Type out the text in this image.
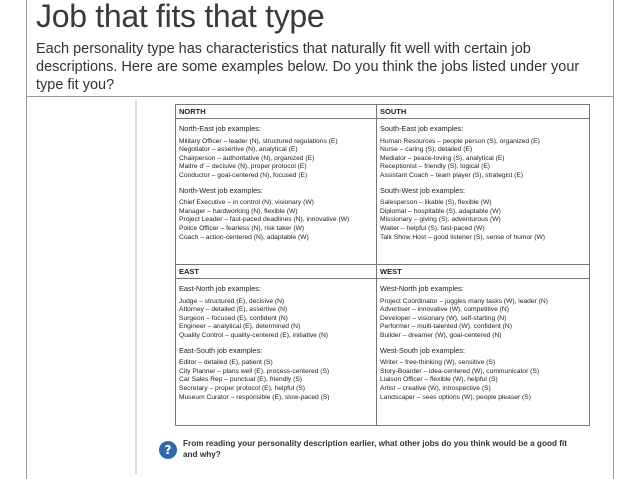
Job that fits that type
Each personality type has characteristics that naturally fit well with certain job descriptions. Here are some examples below. Do you think the jobs listed under your type fit you?
NORTH
North-East job examples:
Military Officer – leader (N), structured regulations (E)
Negotiator – assertive (N), analytical (E)
Chairperson – authoritative (N), organized (E)
Maitre d’ – decisive (N), proper protocol (E)
Conductor – goal-centered (N), focused (E)
North-West job examples:
Chief Executive – in control (N), visionary (W)
Manager – hardworking (N), flexible (W)
Project Leader – fast-paced deadlines (N), innovative (W)
Police Officer – fearless (N), risk taker (W)
Coach – action-centered (N), adaptable (W)
SOUTH
South-East job examples:
Human Resources – people person (S), organized (E)
Nurse – caring (S), detailed (E)
Mediator – peace-loving (S), analytical (E)
Receptionist – friendly (S), logical (E)
Assistant Coach – team player (S), strategist (E)
South-West job examples:
Salesperson – likable (S), flexible (W)
Diplomat – hospitable (S), adaptable (W)
Missionary – giving (S), adventurous (W)
Waiter – helpful (S), fast-paced (W)
Talk Show Host – good listener (S), sense of humor (W)
EAST
East-North job examples:
Judge – structured (E), decisive (N)
Attorney – detailed (E), assertive (N)
Surgeon – focused (E), confident (N)
Engineer – analytical (E), determined (N)
Quality Control – quality-centered (E), initiative (N)
East-South job examples:
Editor – detailed (E), patient (S)
City Planner – plans well (E), process-centered (S)
Car Sales Rep – punctual (E), friendly (S)
Secretary – proper protocol (E), helpful (S)
Museum Curator – responsible (E), slow-paced (S)
WEST
West-North job examples:
Project Coordinator – juggles many tasks (W), leader (N)
Advertiser – innovative (W), competitive (N)
Developer – visionary (W), self-starting (N)
Performer – multi-talented (W), confident (N)
Builder – dreamer (W), goal-centered (N)
West-South job examples:
Writer – free-thinking (W), sensitive (S)
Story-Boarder – idea-centered (W), communicator (S)
Liaison Officer – flexible (W), helpful (S)
Artist – creative (W), introspective (S)
Landscaper – sees options (W), people pleaser (S)
?	From reading your personality description earlier, what other jobs do you think would be a good fit and why?
